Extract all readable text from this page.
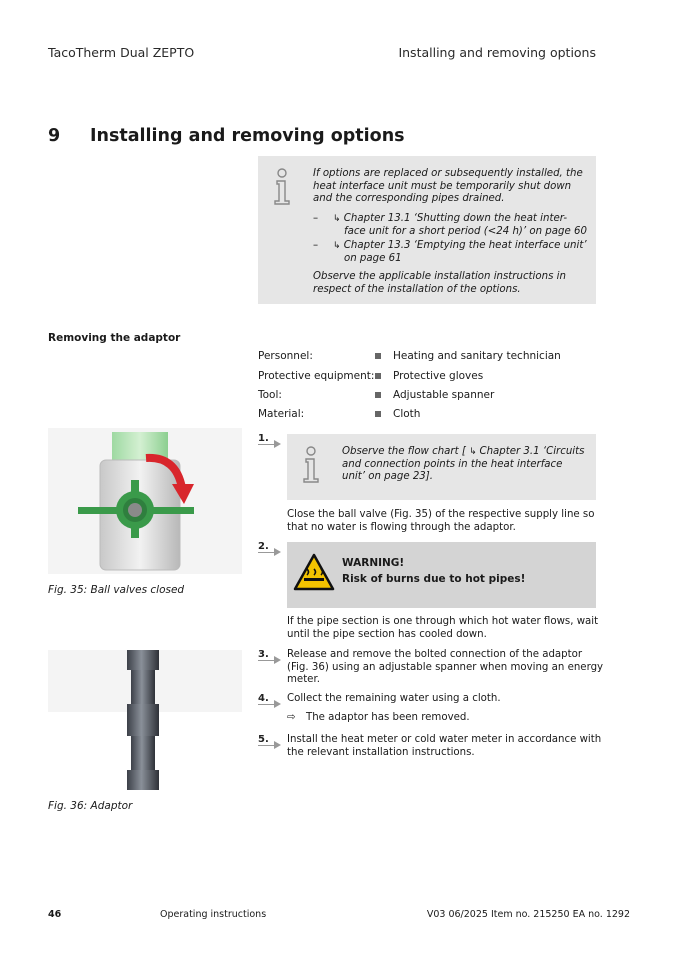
TacoTherm Dual ZEPTO	Installing and removing options
9 Installing and removing options
If options are replaced or subsequently installed, the
heat interface unit must be temporarily shut down
and the corresponding pipes drained.
– ↳ Chapter 13.1 ‘Shutting down the heat inter-
face unit for a short period (<24 h)’ on page 60
– ↳ Chapter 13.3 ‘Emptying the heat interface unit’
on page 61
Observe the applicable installation instructions in
respect of the installation of the options.
Removing the adaptor
Personnel:	Heating and sanitary technician
Protective equipment: Protective gloves
Tool:	Adjustable spanner
Material:	Cloth
Fig. 35: Ball valves closed
Fig. 36: Adaptor
1.
Observe the flow chart [ ↳ Chapter 3.1 ‘Circuits
and connection points in the heat interface
unit’ on page 23].
Close the ball valve (Fig. 35) of the respective supply line so
that no water is flowing through the adaptor.
2.
WARNING!
Risk of burns due to hot pipes!
If the pipe section is one through which hot water flows, wait
until the pipe section has cooled down.
3. Release and remove the bolted connection of the adaptor
(Fig. 36) using an adjustable spanner when moving an energy
meter.
4. Collect the remaining water using a cloth.
⇨ The adaptor has been removed.
5. Install the heat meter or cold water meter in accordance with
the relevant installation instructions.
46	Operating instructions	V03 06/2025 Item no. 215250 EA no. 1292
